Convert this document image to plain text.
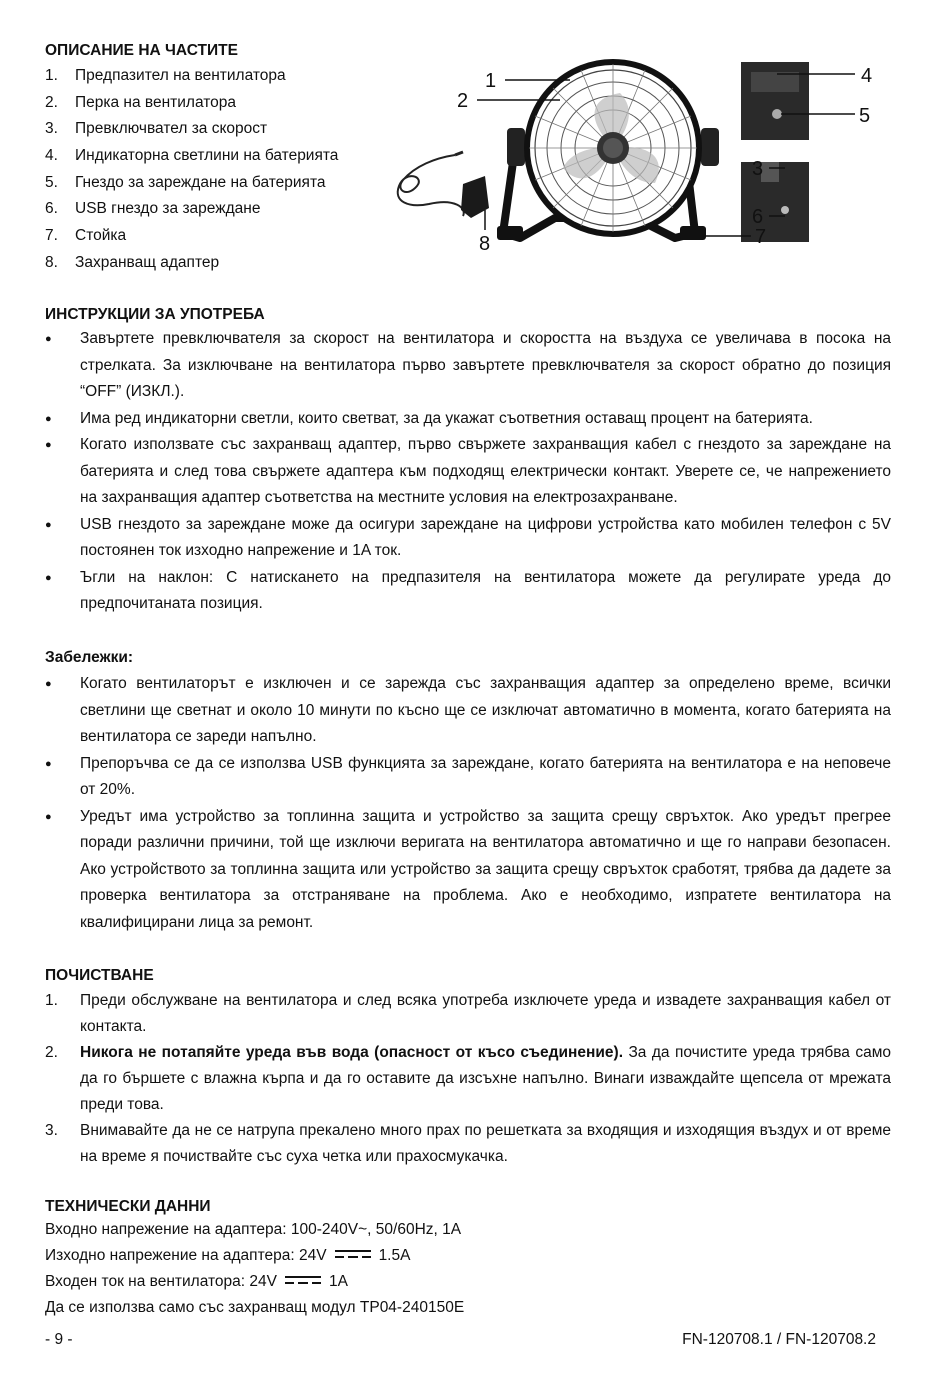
ОПИСАНИЕ НА ЧАСТИТЕ
1. Предпазител на вентилатора
2. Перка на вентилатора
3. Превключвател за скорост
4. Индикаторна светлини на батерията
5. Гнездо за зареждане на батерията
6. USB гнездо за зареждане
7. Стойка
8. Захранващ адаптер
1
2
3
4
5
6
7
8
ИНСТРУКЦИИ ЗА УПОТРЕБА
● Завъртете превключвателя за скорост на вентилатора и скоростта на въздуха се увеличава в посока на стрелката. За изключване на вентилатора първо завъртете превключвателя за скорост обратно до позиция “OFF” (ИЗКЛ.).
● Има ред индикаторни светли, които светват, за да укажат съответния оставащ процент на батерията.
● Когато използвате със захранващ адаптер, първо свържете захранващия кабел с гнездото за зареждане на батерията и след това свържете адаптера към подходящ електрически контакт. Уверете се, че напрежението на захранващия адаптер съответства на местните условия на електрозахранване.
● USB гнездото за зареждане може да осигури зареждане на цифрови устройства като мобилен телефон с 5V постоянен ток изходно напрежение и 1A ток.
● Ъгли на наклон: С натискането на предпазителя на вентилатора можете да регулирате уреда до предпочитаната позиция.
Забележки:
● Когато вентилаторът е изключен и се зарежда със захранващия адаптер за определено време, всички светлини ще светнат и около 10 минути по късно ще се изключат автоматично в момента, когато батерията на вентилатора се зареди напълно.
● Препоръчва се да се използва USB функцията за зареждане, когато батерията на вентилатора е на неповече от 20%.
● Уредът има устройство за топлинна защита и устройство за защита срещу свръхток. Ако уредът прегрее поради различни причини, той ще изключи веригата на вентилатора автоматично и ще го направи безопасен. Ако устройството за топлинна защита или устройство за защита срещу свръхток сработят, трябва да дадете за проверка вентилатора за отстраняване на проблема. Ако е необходимо, изпратете вентилатора на квалифицирани лица за ремонт.
ПОЧИСТВАНЕ
1. Преди обслужване на вентилатора и след всяка употреба изключете уреда и извадете захранващия кабел от контакта.
2. Никога не потапяйте уреда във вода (опасност от късо съединение). За да почистите уреда трябва само да го бършете с влажна кърпа и да го оставите да изсъхне напълно. Винаги изваждайте щепсела от мрежата преди това.
3. Внимавайте да не се натрупа прекалено много прах по решетката за входящия и изходящия въздух и от време на време я почиствайте със суха четка или прахосмукачка.
ТЕХНИЧЕСКИ ДАННИ
Входно напрежение на адаптера: 100-240V~, 50/60Hz, 1A
Изходно напрежение на адаптера: 24V	1.5A
Входен ток на вентилатора: 24V	1A
Да се използва само със захранващ модул TP04-240150E
- 9 -	FN-120708.1 / FN-120708.2
